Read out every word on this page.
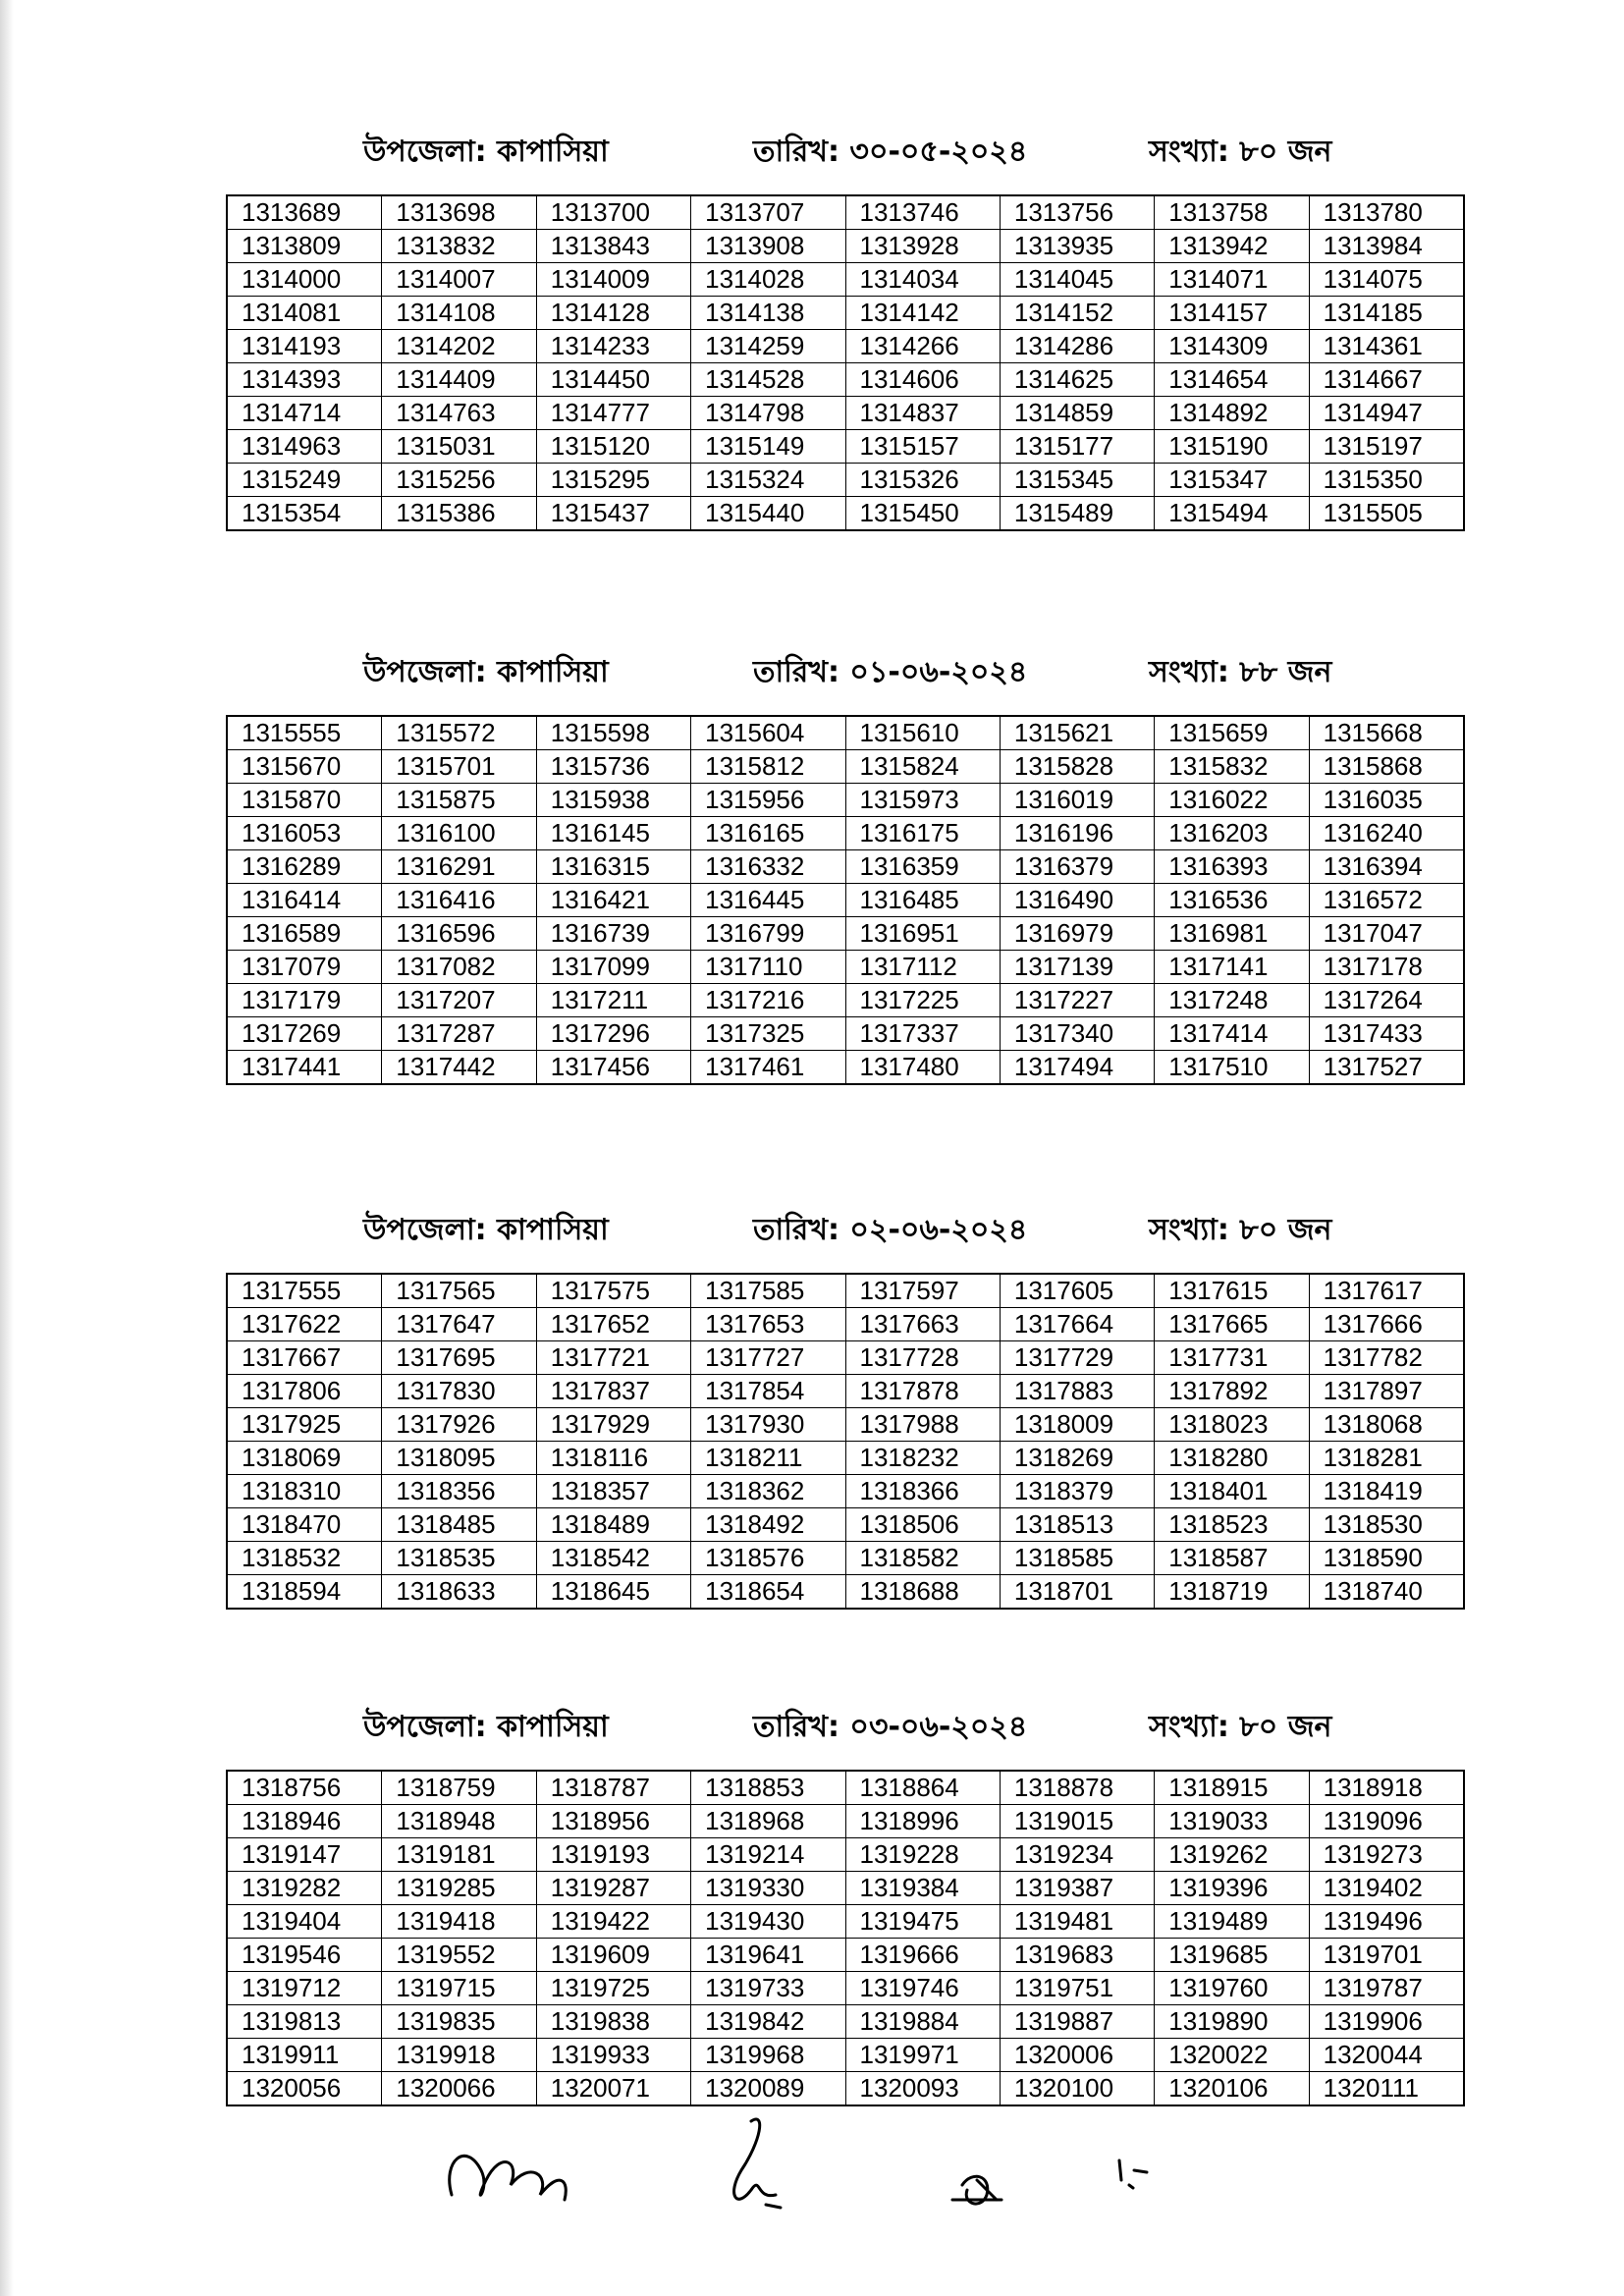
উপজেলা: কাপাসিয়া	তারিখ: ৩০-০৫-২০২৪	সংখ্যা: ৮০ জন
1313689	1313698	1313700	1313707	1313746	1313756	1313758	1313780
1313809	1313832	1313843	1313908	1313928	1313935	1313942	1313984
1314000	1314007	1314009	1314028	1314034	1314045	1314071	1314075
1314081	1314108	1314128	1314138	1314142	1314152	1314157	1314185
1314193	1314202	1314233	1314259	1314266	1314286	1314309	1314361
1314393	1314409	1314450	1314528	1314606	1314625	1314654	1314667
1314714	1314763	1314777	1314798	1314837	1314859	1314892	1314947
1314963	1315031	1315120	1315149	1315157	1315177	1315190	1315197
1315249	1315256	1315295	1315324	1315326	1315345	1315347	1315350
1315354	1315386	1315437	1315440	1315450	1315489	1315494	1315505
উপজেলা: কাপাসিয়া	তারিখ: ০১-০৬-২০২৪	সংখ্যা: ৮৮ জন
1315555	1315572	1315598	1315604	1315610	1315621	1315659	1315668
1315670	1315701	1315736	1315812	1315824	1315828	1315832	1315868
1315870	1315875	1315938	1315956	1315973	1316019	1316022	1316035
1316053	1316100	1316145	1316165	1316175	1316196	1316203	1316240
1316289	1316291	1316315	1316332	1316359	1316379	1316393	1316394
1316414	1316416	1316421	1316445	1316485	1316490	1316536	1316572
1316589	1316596	1316739	1316799	1316951	1316979	1316981	1317047
1317079	1317082	1317099	1317110	1317112	1317139	1317141	1317178
1317179	1317207	1317211	1317216	1317225	1317227	1317248	1317264
1317269	1317287	1317296	1317325	1317337	1317340	1317414	1317433
1317441	1317442	1317456	1317461	1317480	1317494	1317510	1317527
উপজেলা: কাপাসিয়া	তারিখ: ০২-০৬-২০২৪	সংখ্যা: ৮০ জন
1317555	1317565	1317575	1317585	1317597	1317605	1317615	1317617
1317622	1317647	1317652	1317653	1317663	1317664	1317665	1317666
1317667	1317695	1317721	1317727	1317728	1317729	1317731	1317782
1317806	1317830	1317837	1317854	1317878	1317883	1317892	1317897
1317925	1317926	1317929	1317930	1317988	1318009	1318023	1318068
1318069	1318095	1318116	1318211	1318232	1318269	1318280	1318281
1318310	1318356	1318357	1318362	1318366	1318379	1318401	1318419
1318470	1318485	1318489	1318492	1318506	1318513	1318523	1318530
1318532	1318535	1318542	1318576	1318582	1318585	1318587	1318590
1318594	1318633	1318645	1318654	1318688	1318701	1318719	1318740
উপজেলা: কাপাসিয়া	তারিখ: ০৩-০৬-২০২৪	সংখ্যা: ৮০ জন
1318756	1318759	1318787	1318853	1318864	1318878	1318915	1318918
1318946	1318948	1318956	1318968	1318996	1319015	1319033	1319096
1319147	1319181	1319193	1319214	1319228	1319234	1319262	1319273
1319282	1319285	1319287	1319330	1319384	1319387	1319396	1319402
1319404	1319418	1319422	1319430	1319475	1319481	1319489	1319496
1319546	1319552	1319609	1319641	1319666	1319683	1319685	1319701
1319712	1319715	1319725	1319733	1319746	1319751	1319760	1319787
1319813	1319835	1319838	1319842	1319884	1319887	1319890	1319906
1319911	1319918	1319933	1319968	1319971	1320006	1320022	1320044
1320056	1320066	1320071	1320089	1320093	1320100	1320106	1320111
